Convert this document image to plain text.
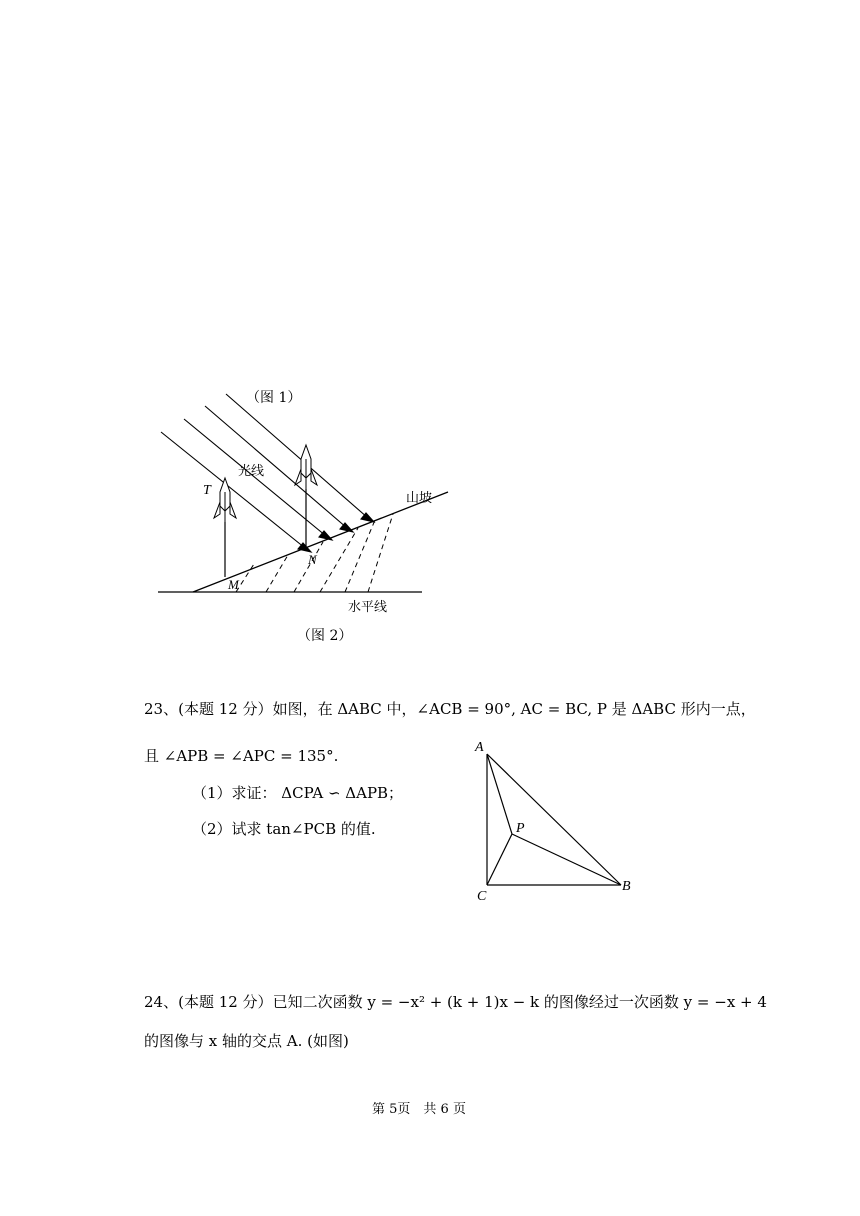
（图 1）
T
M
N
光线
山坡
水平线
A
B
C
P
（图 2）
23、(本题 12 分）如图，在 ΔABC 中，∠ACB = 90°, AC = BC, P 是 ΔABC 形内一点，
且 ∠APB = ∠APC = 135°.
（1）求证： ΔCPA ∽ ΔAPB；
（2）试求 tan∠PCB 的值.
24、(本题 12 分）已知二次函数 y = −x² + (k + 1)x − k 的图像经过一次函数 y = −x + 4
的图像与 x 轴的交点 A. (如图)
第 5页　共 6 页
